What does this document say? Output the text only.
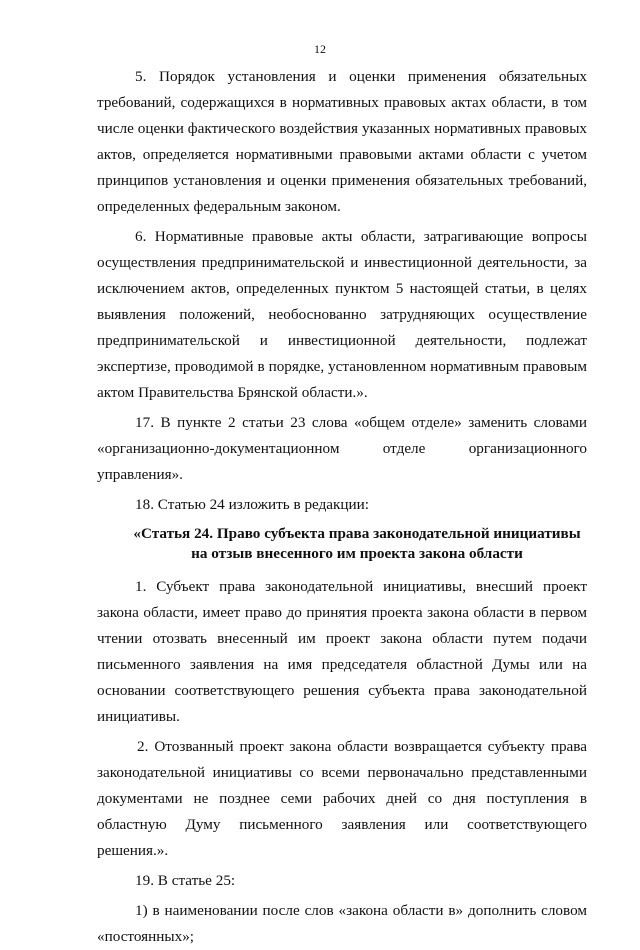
12

5. Порядок установления и оценки применения обязательных требований, содержащихся в нормативных правовых актах области, в том числе оценки фактического воздействия указанных нормативных правовых актов, определяется нормативными правовыми актами области с учетом принципов установления и оценки применения обязательных требований, определенных федеральным законом.

6. Нормативные правовые акты области, затрагивающие вопросы осуществления предпринимательской и инвестиционной деятельности, за исключением актов, определенных пунктом 5 настоящей статьи, в целях выявления положений, необоснованно затрудняющих осуществление предпринимательской и инвестиционной деятельности, подлежат экспертизе, проводимой в порядке, установленном нормативным правовым актом Правительства Брянской области.».

17. В пункте 2 статьи 23 слова «общем отделе» заменить словами «организационно-документационном отделе организационного управления».

18. Статью 24 изложить в редакции:

«Статья 24. Право субъекта права законодательной инициативы
на отзыв внесенного им проекта закона области

1. Субъект права законодательной инициативы, внесший проект закона области, имеет право до принятия проекта закона области в первом чтении отозвать внесенный им проект закона области путем подачи письменного заявления на имя председателя областной Думы или на основании соответствующего решения субъекта права законодательной инициативы.

2. Отозванный проект закона области возвращается субъекту права законодательной инициативы со всеми первоначально представленными документами не позднее семи рабочих дней со дня поступления в областную Думу письменного заявления или соответствующего решения.».

19. В статье 25:

1) в наименовании после слов «закона области в» дополнить словом «постоянных»;
